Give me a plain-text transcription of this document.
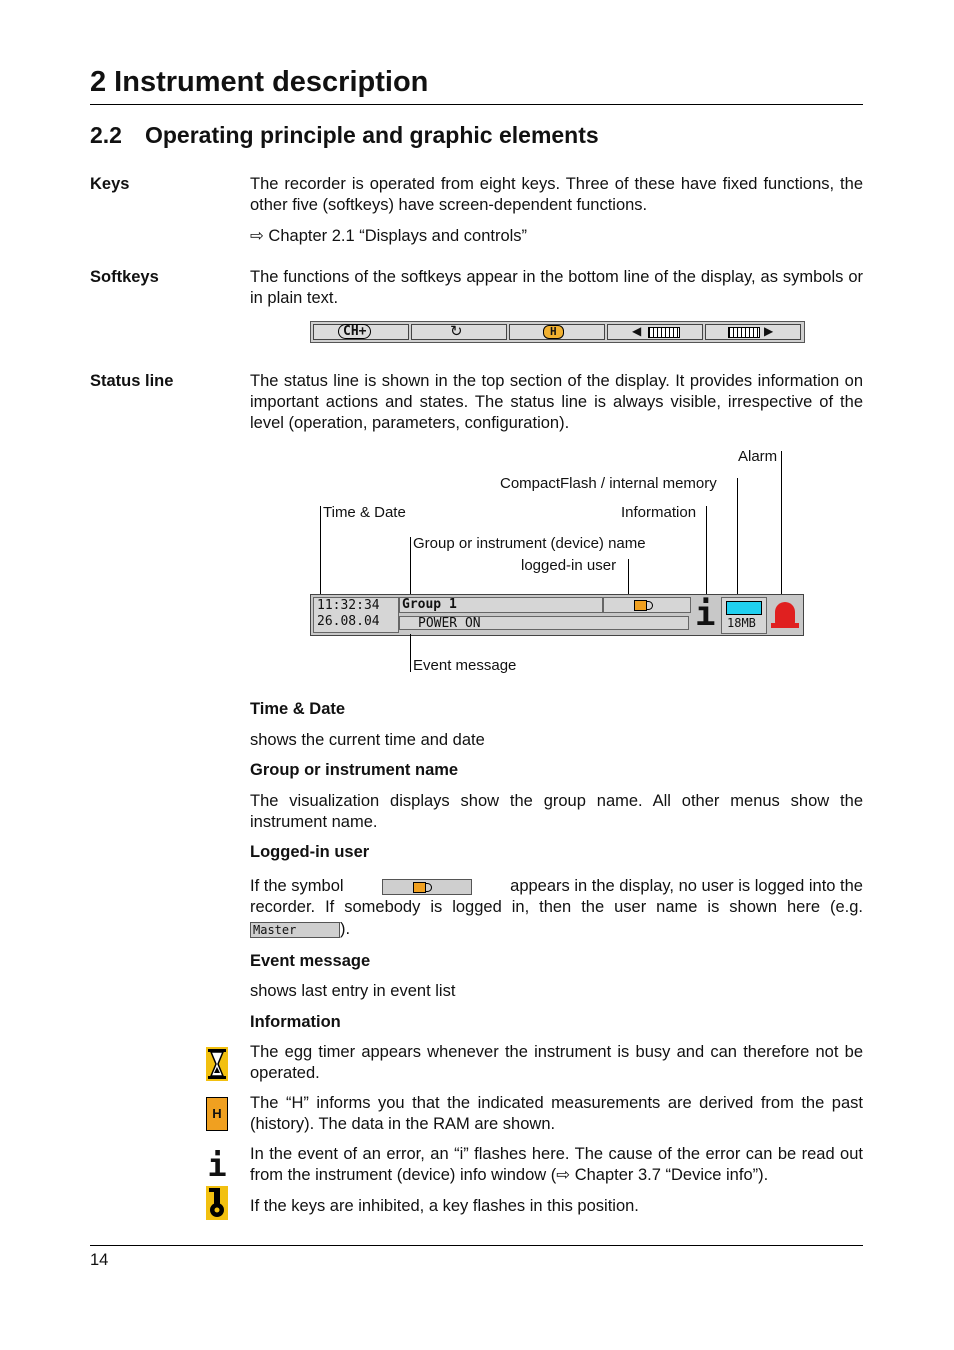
2 Instrument description
2.2 Operating principle and graphic elements
Keys	The recorder is operated from eight keys. Three of these have fixed functions, the other five (softkeys) have screen-dependent functions.
⇨ Chapter 2.1 “Displays and controls”
Softkeys	The functions of the softkeys appear in the bottom line of the display, as symbols or in plain text.
CH+	↻	H	◀	▶
Status line	The status line is shown in the top section of the display. It provides information on important actions and states. The status line is always visible, irrespective of the level (operation, parameters, configuration).
Alarm
CompactFlash / internal memory
Time & Date	Information
Group or instrument (device) name
logged-in user
11:32:34
26.08.04
Group 1
POWER ON	i 18MB
Event message
Time & Date
shows the current time and date
Group or instrument name
The visualization displays show the group name. All other menus show the instrument name.
Logged-in user
If the symbol	appears in the display, no user is logged into the
recorder. If somebody is logged in, then the user name is shown here (e.g.
Master	).
Event message
shows last entry in event list
Information
The egg timer appears whenever the instrument is busy and can therefore not be operated.
H
The “H” informs you that the indicated measurements are derived from the past (history). The data in the RAM are shown.
i In the event of an error, an “i” flashes here. The cause of the error can be read out from the instrument (device) info window (⇨ Chapter 3.7 “Device info”).
If the keys are inhibited, a key flashes in this position.
14
